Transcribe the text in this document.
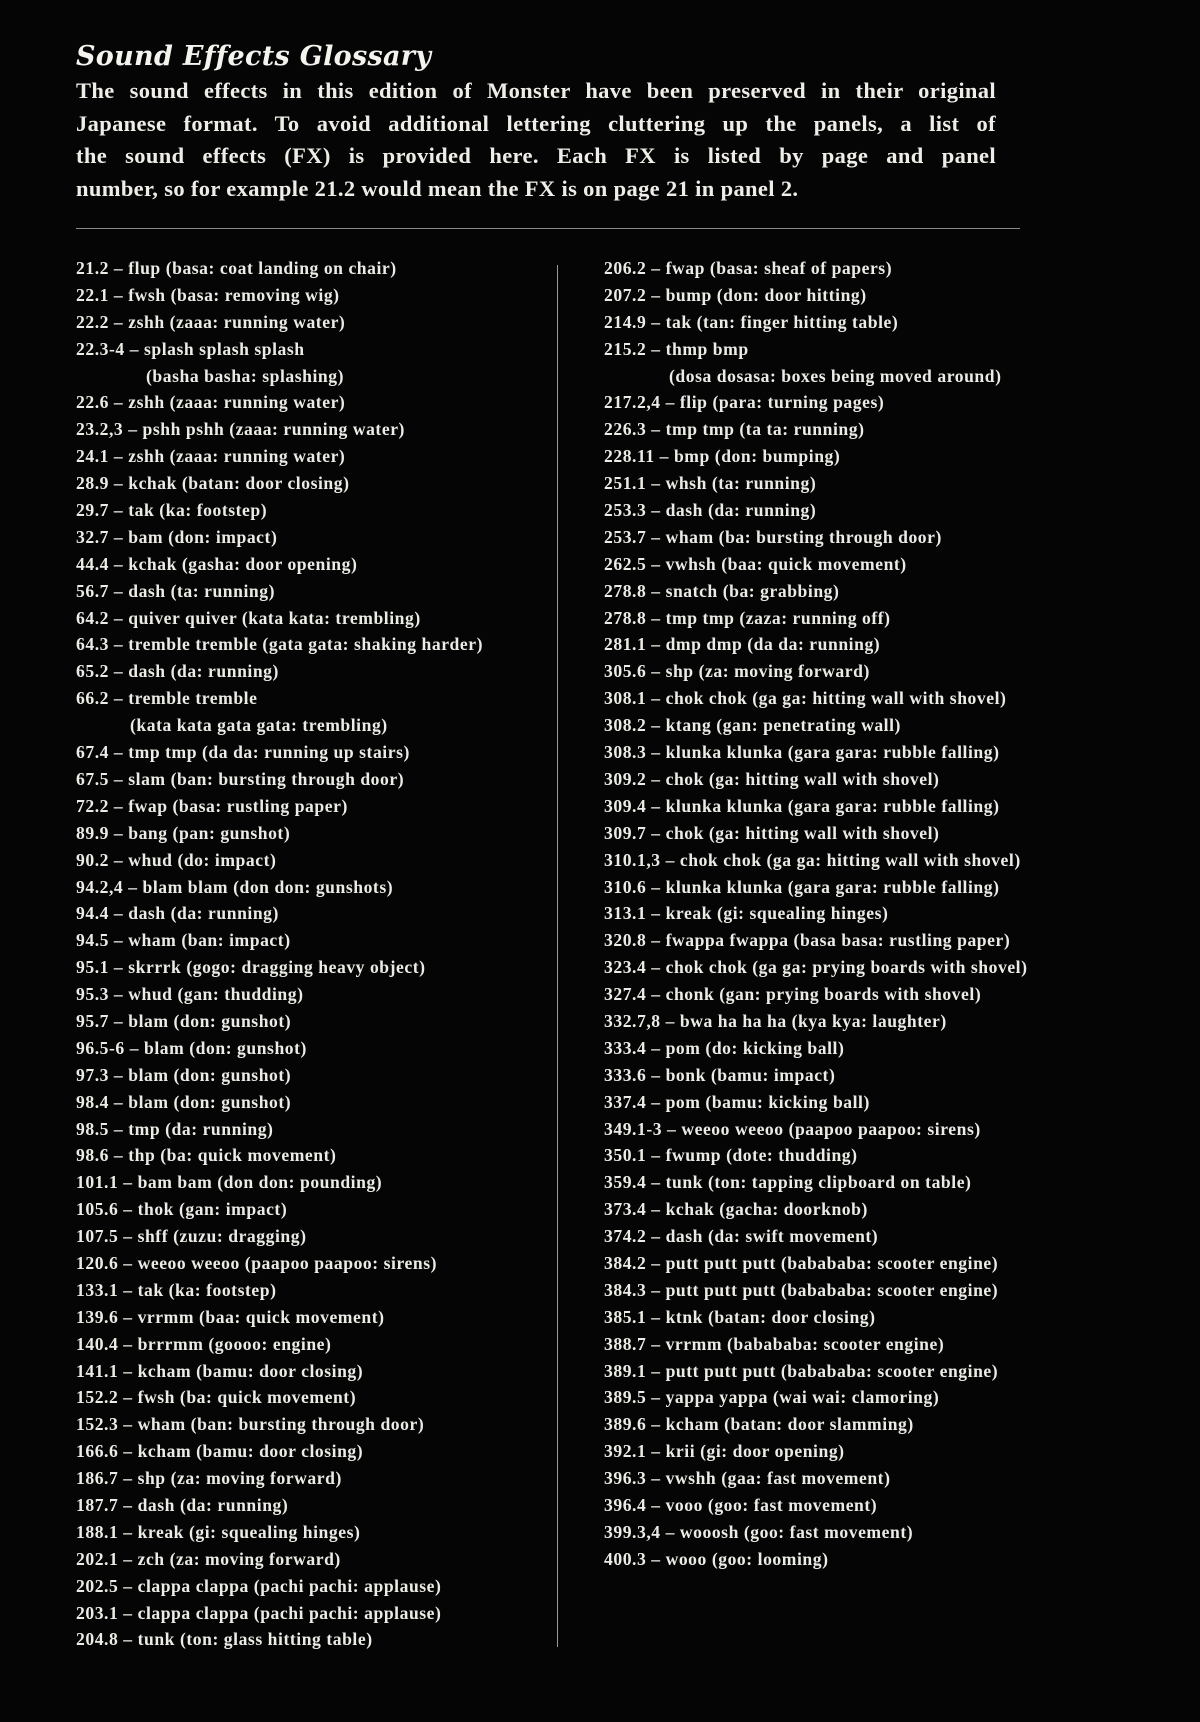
Sound Effects Glossary
The sound effects in this edition of Monster have been preserved in their original
Japanese format. To avoid additional lettering cluttering up the panels, a list of
the sound effects (FX) is provided here. Each FX is listed by page and panel
number, so for example 21.2 would mean the FX is on page 21 in panel 2.
21.2 – flup (basa: coat landing on chair)
22.1 – fwsh (basa: removing wig)
22.2 – zshh (zaaa: running water)
22.3-4 – splash splash splash
(basha basha: splashing)
22.6 – zshh (zaaa: running water)
23.2,3 – pshh pshh (zaaa: running water)
24.1 – zshh (zaaa: running water)
28.9 – kchak (batan: door closing)
29.7 – tak (ka: footstep)
32.7 – bam (don: impact)
44.4 – kchak (gasha: door opening)
56.7 – dash (ta: running)
64.2 – quiver quiver (kata kata: trembling)
64.3 – tremble tremble (gata gata: shaking harder)
65.2 – dash (da: running)
66.2 – tremble tremble
(kata kata gata gata: trembling)
67.4 – tmp tmp (da da: running up stairs)
67.5 – slam (ban: bursting through door)
72.2 – fwap (basa: rustling paper)
89.9 – bang (pan: gunshot)
90.2 – whud (do: impact)
94.2,4 – blam blam (don don: gunshots)
94.4 – dash (da: running)
94.5 – wham (ban: impact)
95.1 – skrrrk (gogo: dragging heavy object)
95.3 – whud (gan: thudding)
95.7 – blam (don: gunshot)
96.5-6 – blam (don: gunshot)
97.3 – blam (don: gunshot)
98.4 – blam (don: gunshot)
98.5 – tmp (da: running)
98.6 – thp (ba: quick movement)
101.1 – bam bam (don don: pounding)
105.6 – thok (gan: impact)
107.5 – shff (zuzu: dragging)
120.6 – weeoo weeoo (paapoo paapoo: sirens)
133.1 – tak (ka: footstep)
139.6 – vrrmm (baa: quick movement)
140.4 – brrrmm (goooo: engine)
141.1 – kcham (bamu: door closing)
152.2 – fwsh (ba: quick movement)
152.3 – wham (ban: bursting through door)
166.6 – kcham (bamu: door closing)
186.7 – shp (za: moving forward)
187.7 – dash (da: running)
188.1 – kreak (gi: squealing hinges)
202.1 – zch (za: moving forward)
202.5 – clappa clappa (pachi pachi: applause)
203.1 – clappa clappa (pachi pachi: applause)
204.8 – tunk (ton: glass hitting table)
206.2 – fwap (basa: sheaf of papers)
207.2 – bump (don: door hitting)
214.9 – tak (tan: finger hitting table)
215.2 – thmp bmp
(dosa dosasa: boxes being moved around)
217.2,4 – flip (para: turning pages)
226.3 – tmp tmp (ta ta: running)
228.11 – bmp (don: bumping)
251.1 – whsh (ta: running)
253.3 – dash (da: running)
253.7 – wham (ba: bursting through door)
262.5 – vwhsh (baa: quick movement)
278.8 – snatch (ba: grabbing)
278.8 – tmp tmp (zaza: running off)
281.1 – dmp dmp (da da: running)
305.6 – shp (za: moving forward)
308.1 – chok chok (ga ga: hitting wall with shovel)
308.2 – ktang (gan: penetrating wall)
308.3 – klunka klunka (gara gara: rubble falling)
309.2 – chok (ga: hitting wall with shovel)
309.4 – klunka klunka (gara gara: rubble falling)
309.7 – chok (ga: hitting wall with shovel)
310.1,3 – chok chok (ga ga: hitting wall with shovel)
310.6 – klunka klunka (gara gara: rubble falling)
313.1 – kreak (gi: squealing hinges)
320.8 – fwappa fwappa (basa basa: rustling paper)
323.4 – chok chok (ga ga: prying boards with shovel)
327.4 – chonk (gan: prying boards with shovel)
332.7,8 – bwa ha ha ha (kya kya: laughter)
333.4 – pom (do: kicking ball)
333.6 – bonk (bamu: impact)
337.4 – pom (bamu: kicking ball)
349.1-3 – weeoo weeoo (paapoo paapoo: sirens)
350.1 – fwump (dote: thudding)
359.4 – tunk (ton: tapping clipboard on table)
373.4 – kchak (gacha: doorknob)
374.2 – dash (da: swift movement)
384.2 – putt putt putt (babababa: scooter engine)
384.3 – putt putt putt (babababa: scooter engine)
385.1 – ktnk (batan: door closing)
388.7 – vrrmm (babababa: scooter engine)
389.1 – putt putt putt (babababa: scooter engine)
389.5 – yappa yappa (wai wai: clamoring)
389.6 – kcham (batan: door slamming)
392.1 – krii (gi: door opening)
396.3 – vwshh (gaa: fast movement)
396.4 – vooo (goo: fast movement)
399.3,4 – wooosh (goo: fast movement)
400.3 – wooo (goo: looming)
